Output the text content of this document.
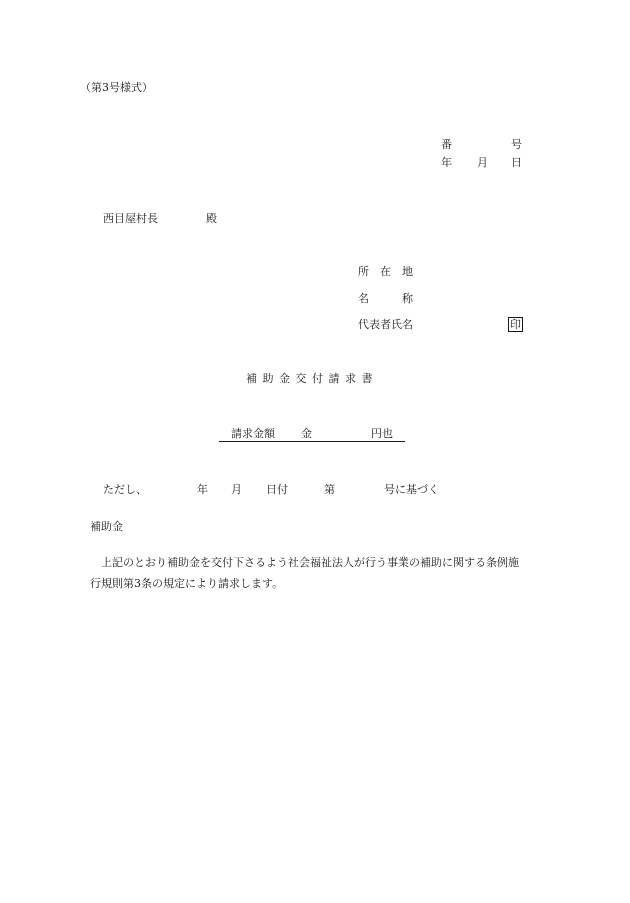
（第3号様式）
番	号
年 月 日
西目屋村長	殿
所　在　地
名　　　称
代表者氏名	印
補 助 金 交 付 請 求 書
請求金額 金	円也
ただし、	年 月 日付	第	号に基づく
補助金
上記のとおり補助金を交付下さるよう社会福祉法人が行う事業の補助に関する条例施
行規則第3条の規定により請求します。
